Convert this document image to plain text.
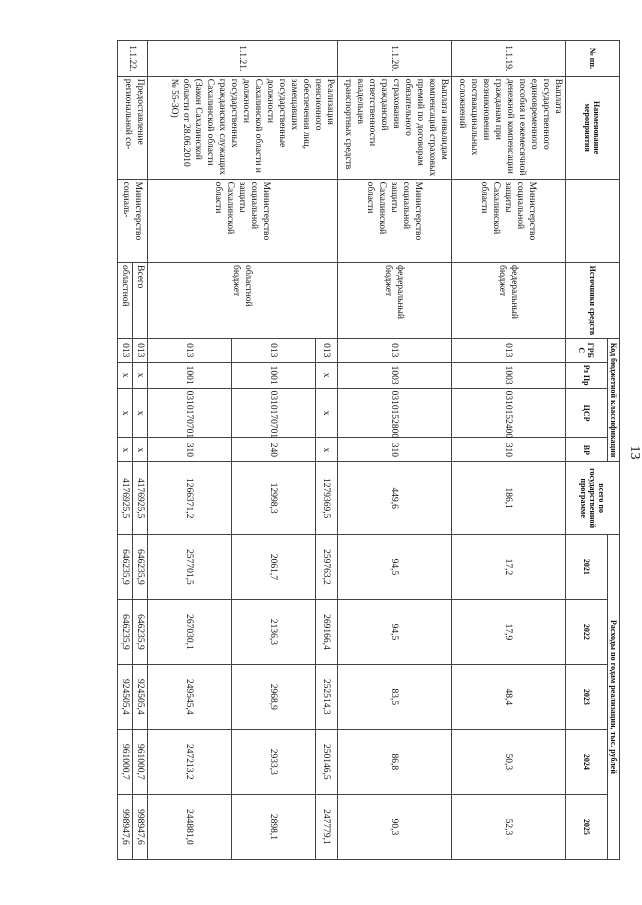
13
№ пп.	Наименование мероприятия		Источники средств	Код бюджетной классификации				всего по государственной программе	Расходы по годам реализации, тыс. рублей				
				ГРБ С	Рз Пр	ЦСР	ВР		2021	2022	2023	2024	2025
1.1.19.	Выплата государственного единовременного пособия и ежемесячной денежной компенсации гражданам при возникновении поствакцинальных осложнений	Министерство социальной защиты Сахалинской области	федеральный бюджет	013	1003	0310152400	310	186,1	17,2	17,9	48,4	50,3	52,3
1.1.20.	Выплата инвалидам компенсаций страховых премий по договорам обязательного страхования гражданской ответственности владельцев транспортных средств	Министерство социальной защиты Сахалинской области	федеральный бюджет	013	1003	0310152800	310	449,6	94,5	94,5	83,5	86,8	90,3
1.1.21.	Реализация пенсионного обеспечения лиц, замещавших государственные должности Сахалинской области и должности государственных гражданских служащих Сахалинской области (Закон Сахалинской области от 28.06.2010 № 55-ЗО)	Министерство социальной защиты Сахалинской области	областной бюджет	013	х	х	х	1279369,5	259763,2	269166,4	252514,3	250146,5	247779,1
				013	1001	0310170701	240	12998,3	2061,7	2136,3	2968,9	2933,3	2898,1
				013	1001	0310170701	310	1266371,2	257701,5	267030,1	249545,4	247213,2	244881,0
1.1.22.	Предоставление региональной со-	Министерство социаль-	Всего	013	х	х	х	4176925,5	646235,9	646235,9	924505,4	961000,7	998947,6
			областной	013	х	х	х	4176925,5	646235,9	646235,9	924505,4	961000,7	998947,6
